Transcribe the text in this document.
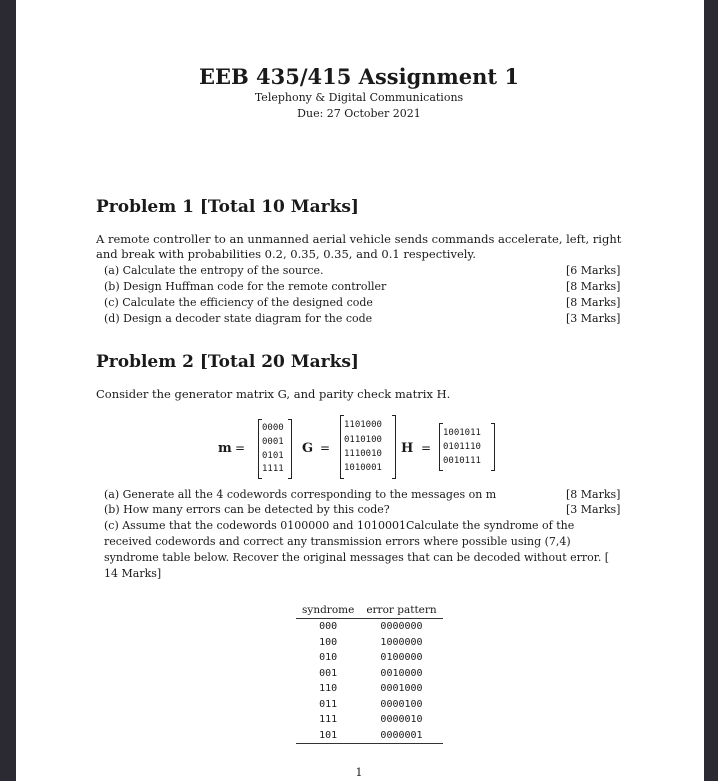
EEB 435/415 Assignment 1
Telephony & Digital Communications
Due: 27 October 2021
Problem 1 [Total 10 Marks]
A remote controller to an unmanned aerial vehicle sends commands accelerate, left, right and break with probabilities 0.2, 0.35, 0.35, and 0.1 respectively.
(a) Calculate the entropy of the source.	[6 Marks]
(b) Design Huffman code for the remote controller	[8 Marks]
(c) Calculate the efficiency of the designed code	[8 Marks]
(d) Design a decoder state diagram for the code	[3 Marks]
Problem 2 [Total 20 Marks]
Consider the generator matrix G, and parity check matrix H.
m =
0000
0001
0101
1111
G =
1101000
0110100
1110010
1010001
H =
1001011
0101110
0010111
(a) Generate all the 4 codewords corresponding to the messages on m	[8 Marks]
(b) How many errors can be detected by this code?	[3 Marks]
(c) Assume that the codewords 0100000 and 1010001Calculate the syndrome of the received codewords and correct any transmission errors where possible using (7,4) syndrome table below. Recover the original messages that can be decoded without error. [ 14 Marks]
syndrome	error pattern
000	0000000
100	1000000
010	0100000
001	0010000
110	0001000
011	0000100
111	0000010
101	0000001
1
